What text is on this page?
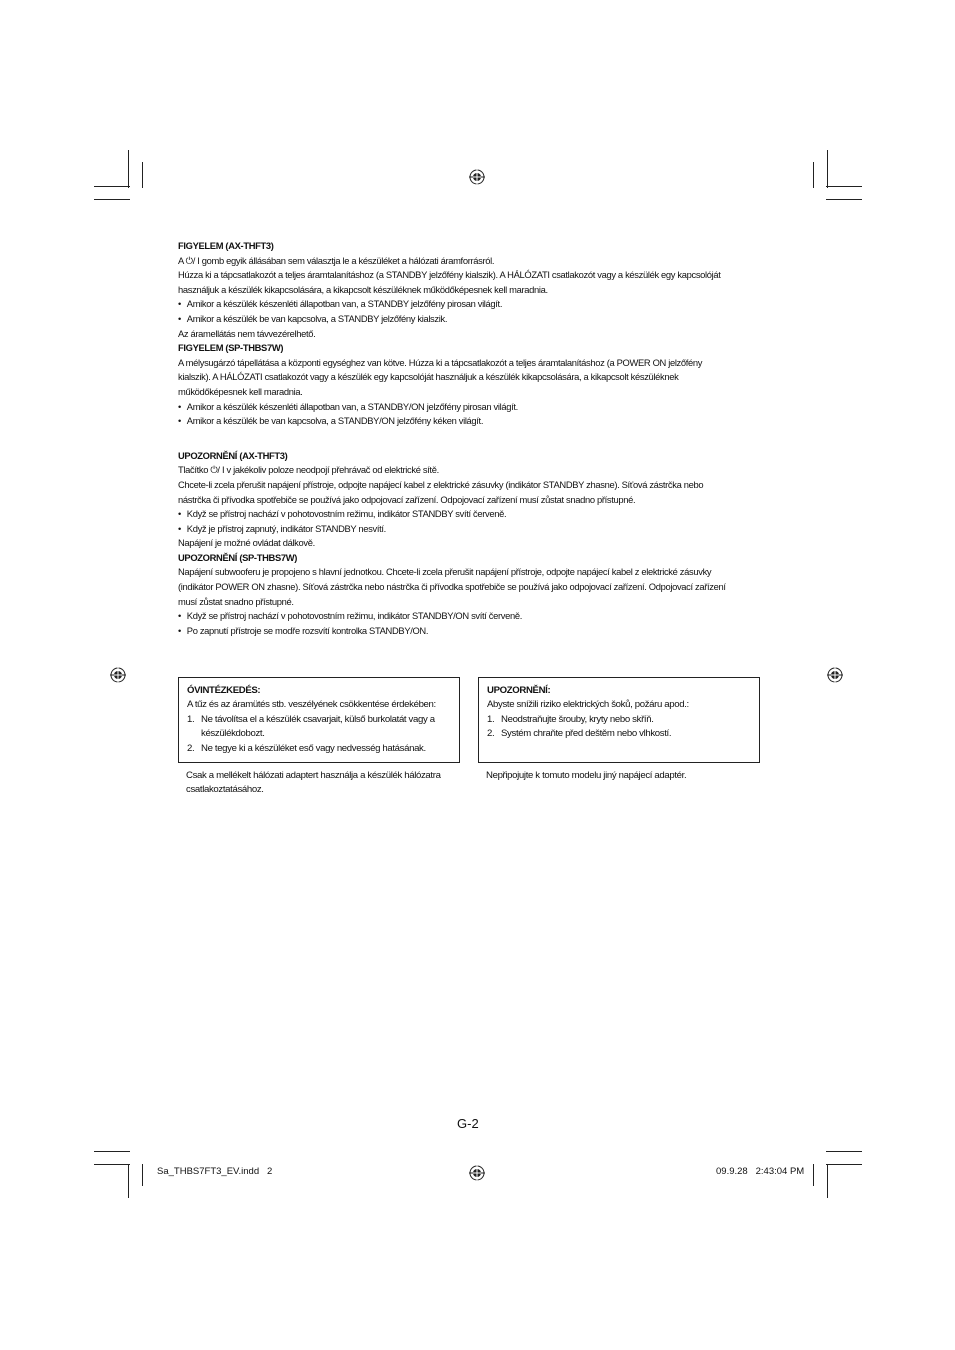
FIGYELEM (AX-THFT3)

A ⏻/ I gomb egyik állásában sem választja le a készüléket a hálózati áramforrásról.

Húzza ki a tápcsatlakozót a teljes áramtalanításhoz (a STANDBY jelzőfény kialszik). A HÁLÓZATI csatlakozót vagy a készülék egy kapcsolóját

használjuk a készülék kikapcsolására, a kikapcsolt készüléknek működőképesnek kell maradnia.

• Amikor a készülék készenléti állapotban van, a STANDBY jelzőfény pirosan világít.

• Amikor a készülék be van kapcsolva, a STANDBY jelzőfény kialszik.

Az áramellátás nem távvezérelhető.

FIGYELEM (SP-THBS7W)

A mélysugárzó tápellátása a központi egységhez van kötve. Húzza ki a tápcsatlakozót a teljes áramtalanításhoz (a POWER ON jelzőfény

kialszik). A HÁLÓZATI csatlakozót vagy a készülék egy kapcsolóját használjuk a készülék kikapcsolására, a kikapcsolt készüléknek

működőképesnek kell maradnia.

• Amikor a készülék készenléti állapotban van, a STANDBY/ON jelzőfény pirosan világít.

• Amikor a készülék be van kapcsolva, a STANDBY/ON jelzőfény kéken világít.

UPOZORNĚNÍ (AX-THFT3)

Tlačítko ⏻/ I v jakékoliv poloze neodpojí přehrávač od elektrické sítě.

Chcete-li zcela přerušit napájení přístroje, odpojte napájecí kabel z elektrické zásuvky (indikátor STANDBY zhasne). Síťová zástrčka nebo

nástrčka či přívodka spotřebiče se používá jako odpojovací zařízení. Odpojovací zařízení musí zůstat snadno přístupné.

• Když se přístroj nachází v pohotovostním režimu, indikátor STANDBY svítí červeně.

• Když je přístroj zapnutý, indikátor STANDBY nesvítí.

Napájení je možné ovládat dálkově.

UPOZORNĚNÍ (SP-THBS7W)

Napájení subwooferu je propojeno s hlavní jednotkou. Chcete-li zcela přerušit napájení přístroje, odpojte napájecí kabel z elektrické zásuvky

(indikátor POWER ON zhasne). Síťová zástrčka nebo nástrčka či přívodka spotřebiče se používá jako odpojovací zařízení. Odpojovací zařízení

musí zůstat snadno přístupné.

• Když se přístroj nachází v pohotovostním režimu, indikátor STANDBY/ON svítí červeně.

• Po zapnutí přístroje se modře rozsvítí kontrolka STANDBY/ON.

ÓVINTÉZKEDÉS:

A tűz és az áramütés stb. veszélyének csökkentése érdekében:

1. Ne távolítsa el a készülék csavarjait, külső burkolatát vagy a

készülékdobozt.

2. Ne tegye ki a készüléket eső vagy nedvesség hatásának.

UPOZORNĚNÍ:

Abyste snížili riziko elektrických šoků, požáru apod.:

1. Neodstraňujte šrouby, kryty nebo skříň.

2. Systém chraňte před deštěm nebo vlhkostí.

Csak a mellékelt hálózati adaptert használja a készülék hálózatra

csatlakoztatásához.

Nepřipojujte k tomuto modelu jiný napájecí adaptér.

G-2
Sa_THBS7FT3_EV.indd   2	09.9.28   2:43:04 PM
